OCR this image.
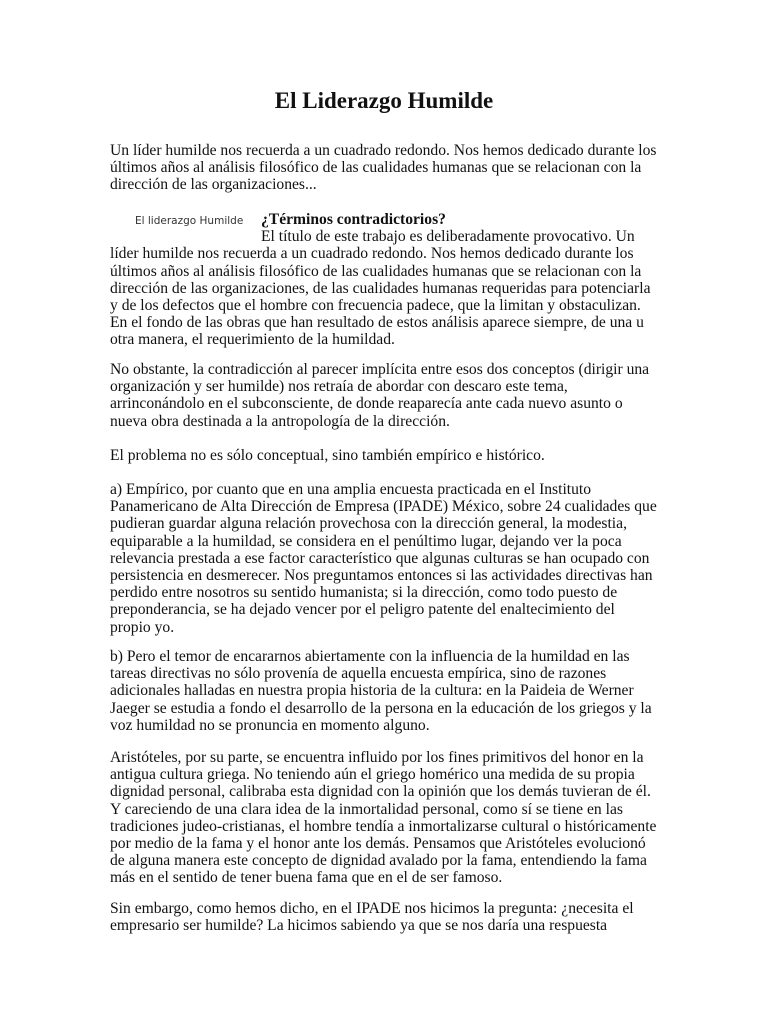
El Liderazgo Humilde

Un líder humilde nos recuerda a un cuadrado redondo. Nos hemos dedicado durante los últimos años al análisis filosófico de las cualidades humanas que se relacionan con la dirección de las organizaciones...

El liderazgo Humilde	¿Términos contradictorios?
El título de este trabajo es deliberadamente provocativo. Un líder humilde nos recuerda a un cuadrado redondo. Nos hemos dedicado durante los últimos años al análisis filosófico de las cualidades humanas que se relacionan con la dirección de las organizaciones, de las cualidades humanas requeridas para potenciarla y de los defectos que el hombre con frecuencia padece, que la limitan y obstaculizan. En el fondo de las obras que han resultado de estos análisis aparece siempre, de una u otra manera, el requerimiento de la humildad.

No obstante, la contradicción al parecer implícita entre esos dos conceptos (dirigir una organización y ser humilde) nos retraía de abordar con descaro este tema, arrinconándolo en el subconsciente, de donde reaparecía ante cada nuevo asunto o nueva obra destinada a la antropología de la dirección.

El problema no es sólo conceptual, sino también empírico e histórico.

a) Empírico, por cuanto que en una amplia encuesta practicada en el Instituto Panamericano de Alta Dirección de Empresa (IPADE) México, sobre 24 cualidades que pudieran guardar alguna relación provechosa con la dirección general, la modestia, equiparable a la humildad, se considera en el penúltimo lugar, dejando ver la poca relevancia prestada a ese factor característico que algunas culturas se han ocupado con persistencia en desmerecer. Nos preguntamos entonces si las actividades directivas han perdido entre nosotros su sentido humanista; si la dirección, como todo puesto de preponderancia, se ha dejado vencer por el peligro patente del enaltecimiento del propio yo.

b) Pero el temor de encararnos abiertamente con la influencia de la humildad en las tareas directivas no sólo provenía de aquella encuesta empírica, sino de razones adicionales halladas en nuestra propia historia de la cultura: en la Paideia de Werner Jaeger se estudia a fondo el desarrollo de la persona en la educación de los griegos y la voz humildad no se pronuncia en momento alguno.

Aristóteles, por su parte, se encuentra influido por los fines primitivos del honor en la antigua cultura griega. No teniendo aún el griego homérico una medida de su propia dignidad personal, calibraba esta dignidad con la opinión que los demás tuvieran de él. Y careciendo de una clara idea de la inmortalidad personal, como sí se tiene en las tradiciones judeo-cristianas, el hombre tendía a inmortalizarse cultural o históricamente por medio de la fama y el honor ante los demás. Pensamos que Aristóteles evolucionó de alguna manera este concepto de dignidad avalado por la fama, entendiendo la fama más en el sentido de tener buena fama que en el de ser famoso.

Sin embargo, como hemos dicho, en el IPADE nos hicimos la pregunta: ¿necesita el empresario ser humilde? La hicimos sabiendo ya que se nos daría una respuesta
